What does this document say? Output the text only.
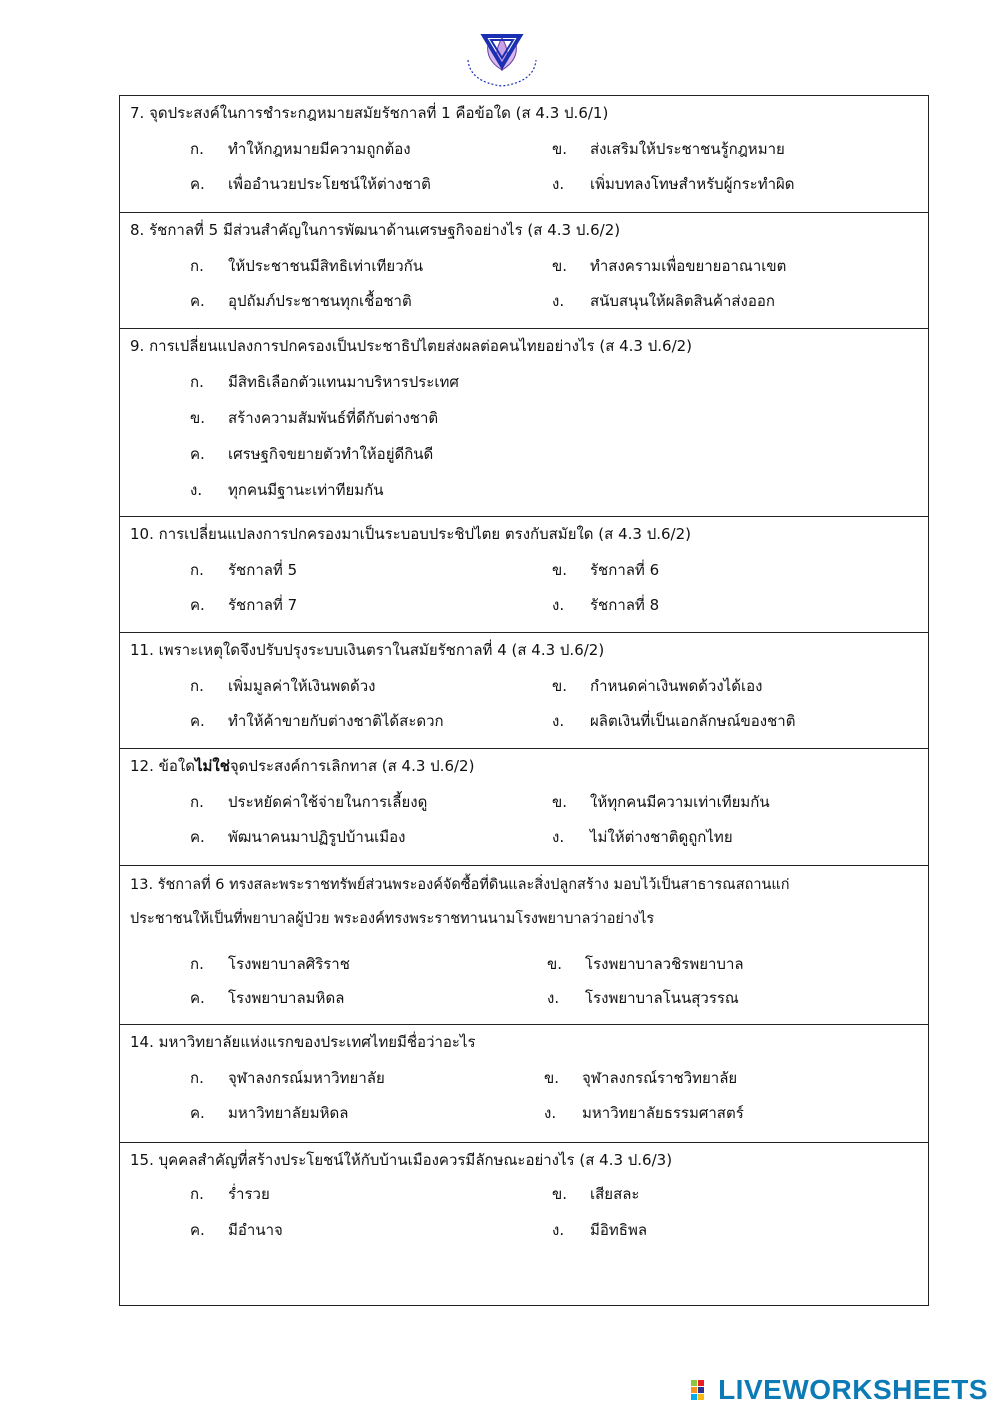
7. จุดประสงค์ในการชำระกฎหมายสมัยรัชกาลที่ 1 คือข้อใด (ส 4.3 ป.6/1)
ก. ทำให้กฎหมายมีความถูกต้อง	ข. ส่งเสริมให้ประชาชนรู้กฎหมาย
ค. เพื่ออำนวยประโยชน์ให้ต่างชาติ	ง. เพิ่มบทลงโทษสำหรับผู้กระทำผิด
8. รัชกาลที่ 5 มีส่วนสำคัญในการพัฒนาด้านเศรษฐกิจอย่างไร (ส 4.3 ป.6/2)
ก. ให้ประชาชนมีสิทธิเท่าเทียวกัน	ข. ทำสงครามเพื่อขยายอาณาเขต
ค. อุปถัมภ์ประชาชนทุกเชื้อชาติ	ง. สนับสนุนให้ผลิตสินค้าส่งออก
9. การเปลี่ยนแปลงการปกครองเป็นประชาธิปไตยส่งผลต่อคนไทยอย่างไร (ส 4.3 ป.6/2)
ก. มีสิทธิเลือกตัวแทนมาบริหารประเทศ
ข. สร้างความสัมพันธ์ที่ดีกับต่างชาติ
ค. เศรษฐกิจขยายตัวทำให้อยู่ดีกินดี
ง. ทุกคนมีฐานะเท่าทียมกัน
10. การเปลี่ยนแปลงการปกครองมาเป็นระบอบประชิปไตย ตรงกับสมัยใด (ส 4.3 ป.6/2)
ก. รัชกาลที่ 5	ข. รัชกาลที่ 6
ค. รัชกาลที่ 7	ง. รัชกาลที่ 8
11. เพราะเหตุใดจึงปรับปรุงระบบเงินตราในสมัยรัชกาลที่ 4 (ส 4.3 ป.6/2)
ก. เพิ่มมูลค่าให้เงินพดด้วง	ข. กำหนดค่าเงินพดด้วงได้เอง
ค. ทำให้ค้าขายกับต่างชาติได้สะดวก	ง. ผลิตเงินที่เป็นเอกลักษณ์ของชาติ
12. ข้อใดไม่ใช่จุดประสงค์การเลิกทาส (ส 4.3 ป.6/2)
ก. ประหยัดค่าใช้จ่ายในการเลี้ยงดู	ข. ให้ทุกคนมีความเท่าเทียมกัน
ค. พัฒนาคนมาปฏิรูปบ้านเมือง	ง. ไม่ให้ต่างชาติดูถูกไทย
13. รัชกาลที่ 6 ทรงสละพระราชทรัพย์ส่วนพระองค์จัดซื้อที่ดินและสิ่งปลูกสร้าง มอบไว้เป็นสาธารณสถานแก่
ประชาชนให้เป็นที่พยาบาลผู้ป่วย พระองค์ทรงพระราชทานนามโรงพยาบาลว่าอย่างไร
ก. โรงพยาบาลศิริราช	ข. โรงพยาบาลวชิรพยาบาล
ค. โรงพยาบาลมหิดล	ง. โรงพยาบาลโนนสุวรรณ
14. มหาวิทยาลัยแห่งแรกของประเทศไทยมีชื่อว่าอะไร
ก. จุฬาลงกรณ์มหาวิทยาลัย	ข. จุฬาลงกรณ์ราชวิทยาลัย
ค. มหาวิทยาลัยมหิดล	ง. มหาวิทยาลัยธรรมศาสตร์
15. บุคคลสำคัญที่สร้างประโยชน์ให้กับบ้านเมืองควรมีลักษณะอย่างไร (ส 4.3 ป.6/3)
ก. ร่ำรวย	ข. เสียสละ
ค. มีอำนาจ	ง. มีอิทธิพล
LIVEWORKSHEETS
